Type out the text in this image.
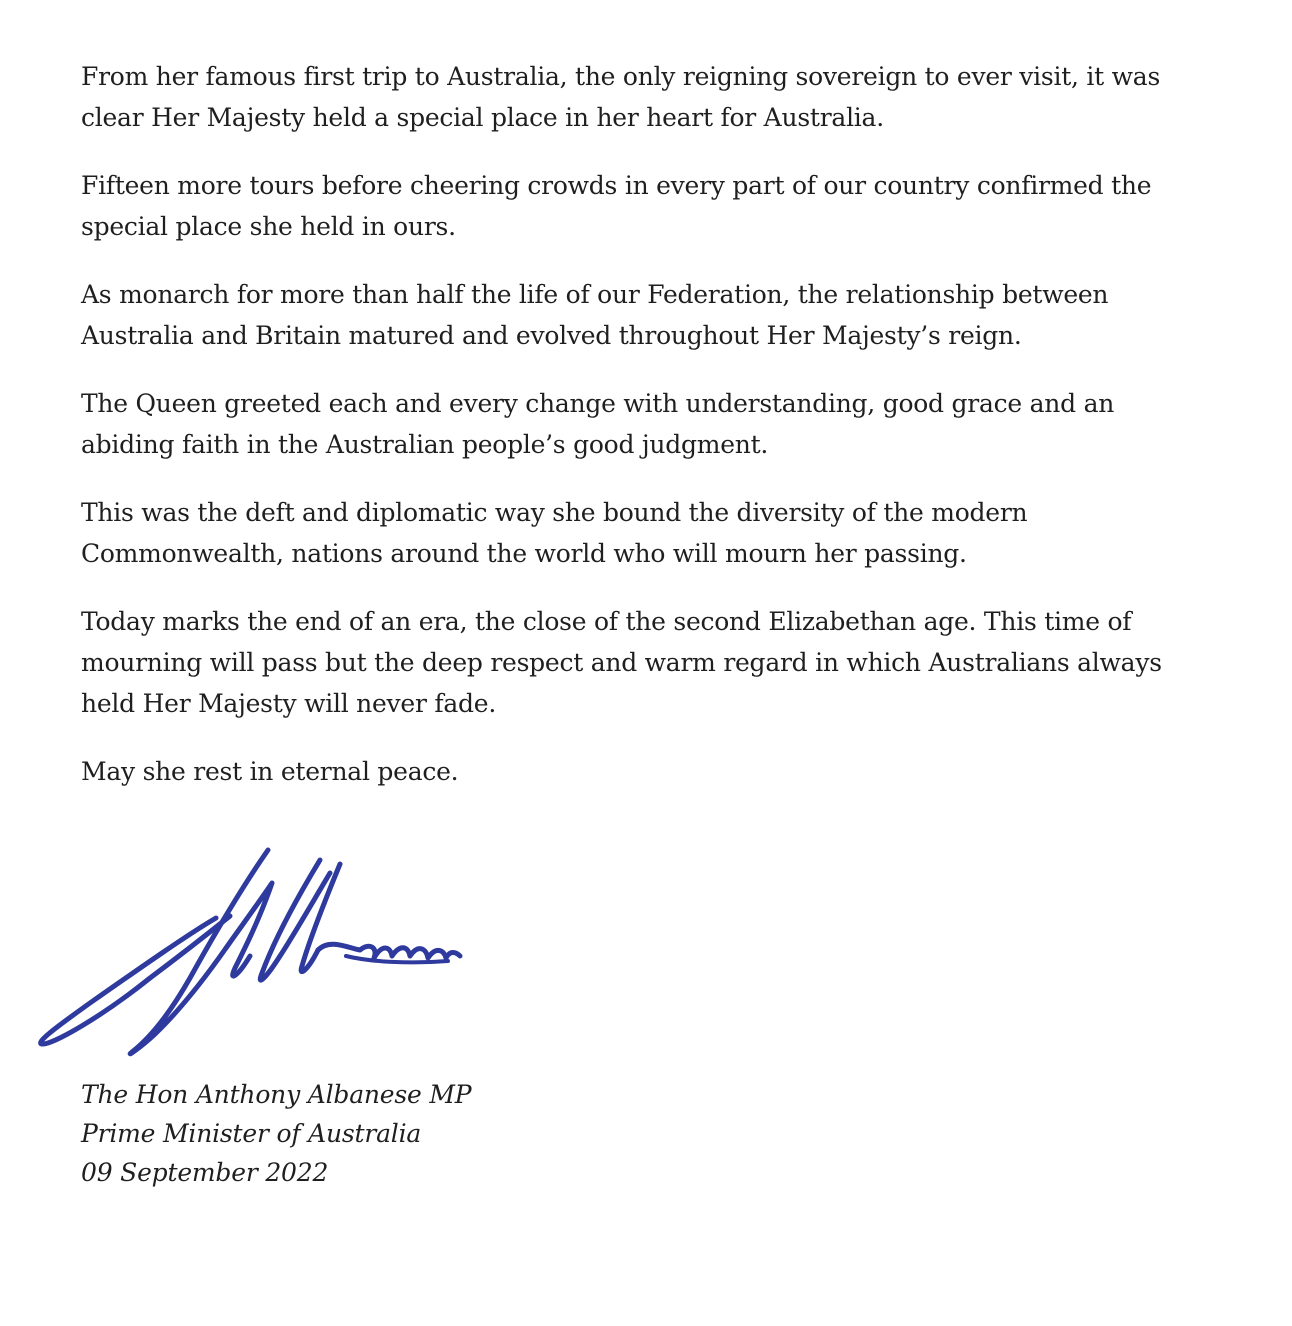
From her famous first trip to Australia, the only reigning sovereign to ever visit, it was clear Her Majesty held a special place in her heart for Australia.

Fifteen more tours before cheering crowds in every part of our country confirmed the special place she held in ours.

As monarch for more than half the life of our Federation, the relationship between Australia and Britain matured and evolved throughout Her Majesty’s reign.

The Queen greeted each and every change with understanding, good grace and an abiding faith in the Australian people’s good judgment.

This was the deft and diplomatic way she bound the diversity of the modern Commonwealth, nations around the world who will mourn her passing.

Today marks the end of an era, the close of the second Elizabethan age. This time of mourning will pass but the deep respect and warm regard in which Australians always held Her Majesty will never fade.

May she rest in eternal peace.

The Hon Anthony Albanese MP
Prime Minister of Australia
09 September 2022
